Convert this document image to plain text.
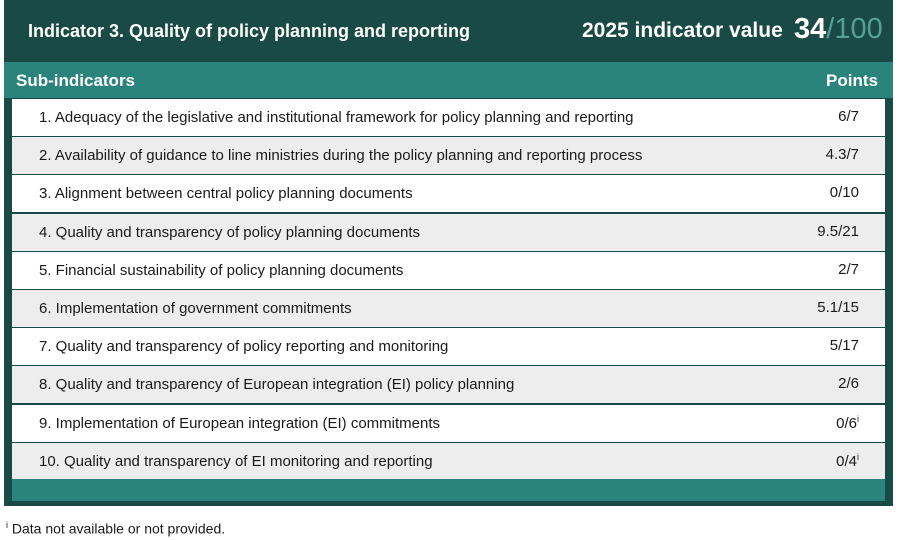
Indicator 3. Quality of policy planning and reporting	2025 indicator value 34/100
Sub-indicators	Points
1. Adequacy of the legislative and institutional framework for policy planning and reporting	6/7
2. Availability of guidance to line ministries during the policy planning and reporting process	4.3/7
3. Alignment between central policy planning documents	0/10
4. Quality and transparency of policy planning documents	9.5/21
5. Financial sustainability of policy planning documents	2/7
6. Implementation of government commitments	5.1/15
7. Quality and transparency of policy reporting and monitoring	5/17
8. Quality and transparency of European integration (EI) policy planning	2/6
9. Implementation of European integration (EI) commitments	0/6$^i$
10. Quality and transparency of EI monitoring and reporting	0/4$^i$
$^i$ Data not available or not provided.
